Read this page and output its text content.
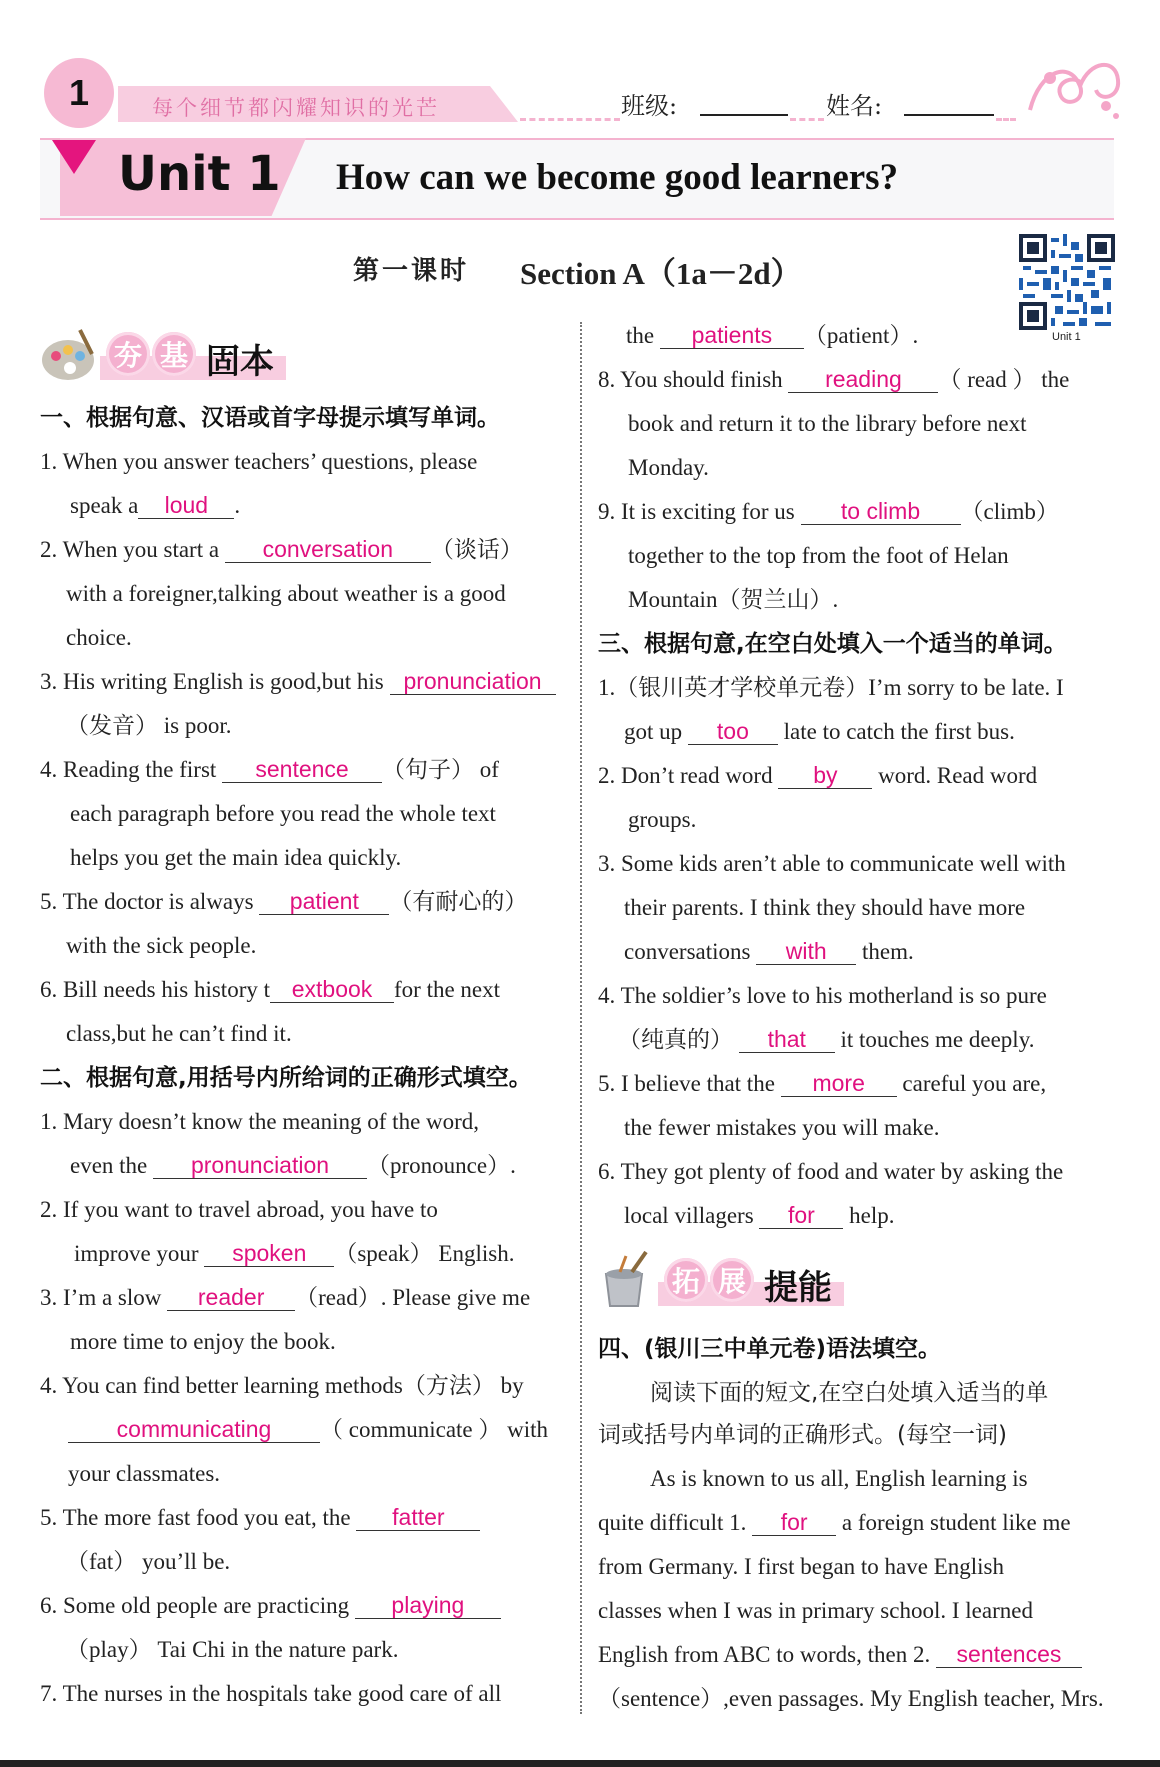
1	每个细节都闪耀知识的光芒	班级:	姓名:
Unit 1 How can we become good learners?
第一课时 Section A（1a－2d）
Unit 1
夯 基 固本
一、根据句意、汉语或首字母提示填写单词。
1. When you answer teachers’ questions, please
speak a loud .
2. When you start a conversation （谈话）
with a foreigner,talking about weather is a good
choice.
3. His writing English is good,but his pronunciation
（发音） is poor.
4. Reading the first sentence （句子） of
each paragraph before you read the whole text
helps you get the main idea quickly.
5. The doctor is always patient （有耐心的）
with the sick people.
6. Bill needs his history t extbook for the next
class,but he can’t find it.
二、根据句意,用括号内所给词的正确形式填空。
1. Mary doesn’t know the meaning of the word,
even the pronunciation （pronounce）.
2. If you want to travel abroad, you have to
improve your spoken （speak） English.
3. I’m a slow reader （read）. Please give me
more time to enjoy the book.
4. You can find better learning methods（方法） by
communicating （ communicate ） with
your classmates.
5. The more fast food you eat, the fatter
（fat） you’ll be.
6. Some old people are practicing playing
（play） Tai Chi in the nature park.
7. The nurses in the hospitals take good care of all
the patients （patient）.
8. You should finish reading （ read ） the
book and return it to the library before next
Monday.
9. It is exciting for us to climb （climb）
together to the top from the foot of Helan
Mountain（贺兰山）.
三、根据句意,在空白处填入一个适当的单词。
1.（银川英才学校单元卷）I’m sorry to be late. I
got up too late to catch the first bus.
2. Don’t read word by word. Read word
groups.
3. Some kids aren’t able to communicate well with
their parents. I think they should have more
conversations with them.
4. The soldier’s love to his motherland is so pure
（纯真的） that it touches me deeply.
5. I believe that the more careful you are,
the fewer mistakes you will make.
6. They got plenty of food and water by asking the
local villagers for help.
拓 展 提能
四、(银川三中单元卷)语法填空。
阅读下面的短文,在空白处填入适当的单
词或括号内单词的正确形式。(每空一词)
As is known to us all, English learning is
quite difficult 1. for a foreign student like me
from Germany. I first began to have English
classes when I was in primary school. I learned
English from ABC to words, then 2. sentences
（sentence）,even passages. My English teacher, Mrs.
